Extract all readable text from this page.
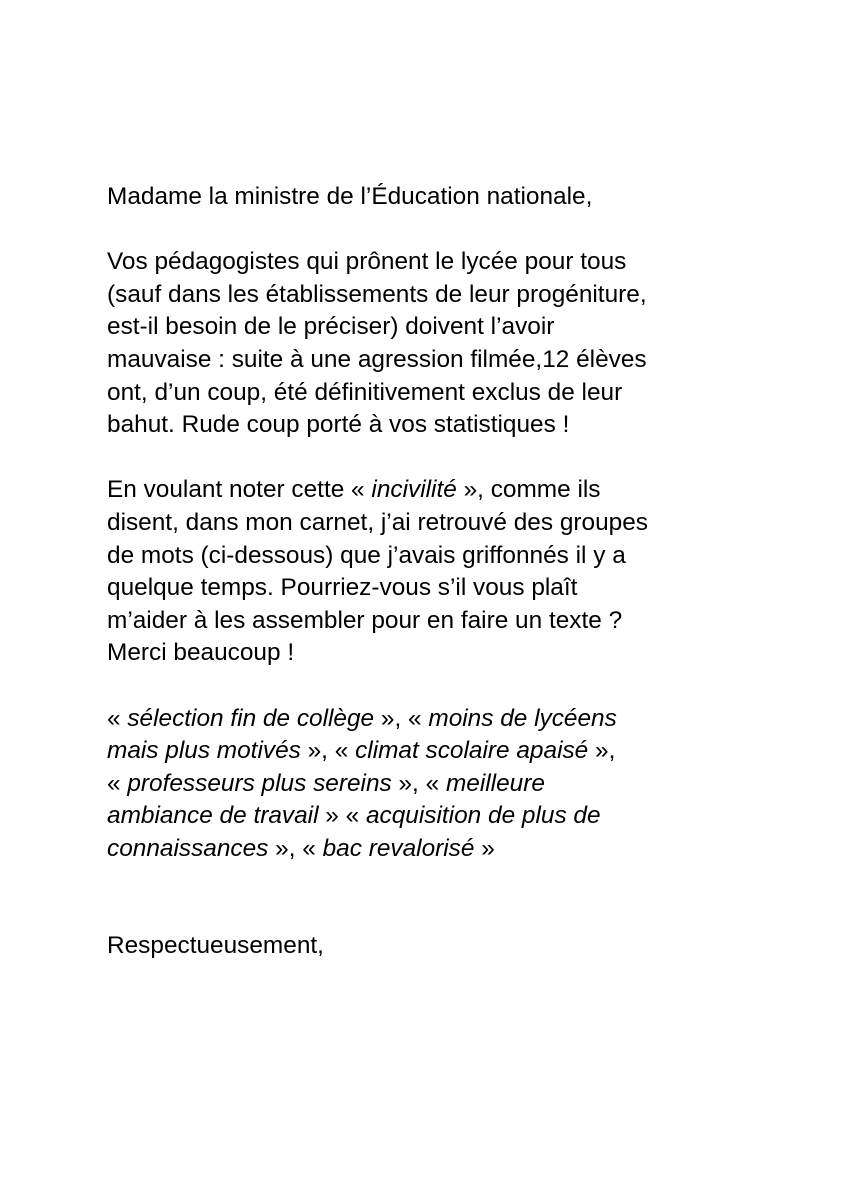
Madame la ministre de l’Éducation nationale,
Vos pédagogistes qui prônent le lycée pour tous
(sauf dans les établissements de leur progéniture,
est-il besoin de le préciser) doivent l’avoir
mauvaise : suite à une agression filmée,12 élèves
ont, d’un coup, été définitivement exclus de leur
bahut. Rude coup porté à vos statistiques !
En voulant noter cette « incivilité », comme ils
disent, dans mon carnet, j’ai retrouvé des groupes
de mots (ci-dessous) que j’avais griffonnés il y a
quelque temps. Pourriez-vous s’il vous plaît
m’aider à les assembler pour en faire un texte ?
Merci beaucoup !
« sélection fin de collège », « moins de lycéens
mais plus motivés », « climat scolaire apaisé »,
« professeurs plus sereins », « meilleure
ambiance de travail » « acquisition de plus de
connaissances », « bac revalorisé »
Respectueusement,
